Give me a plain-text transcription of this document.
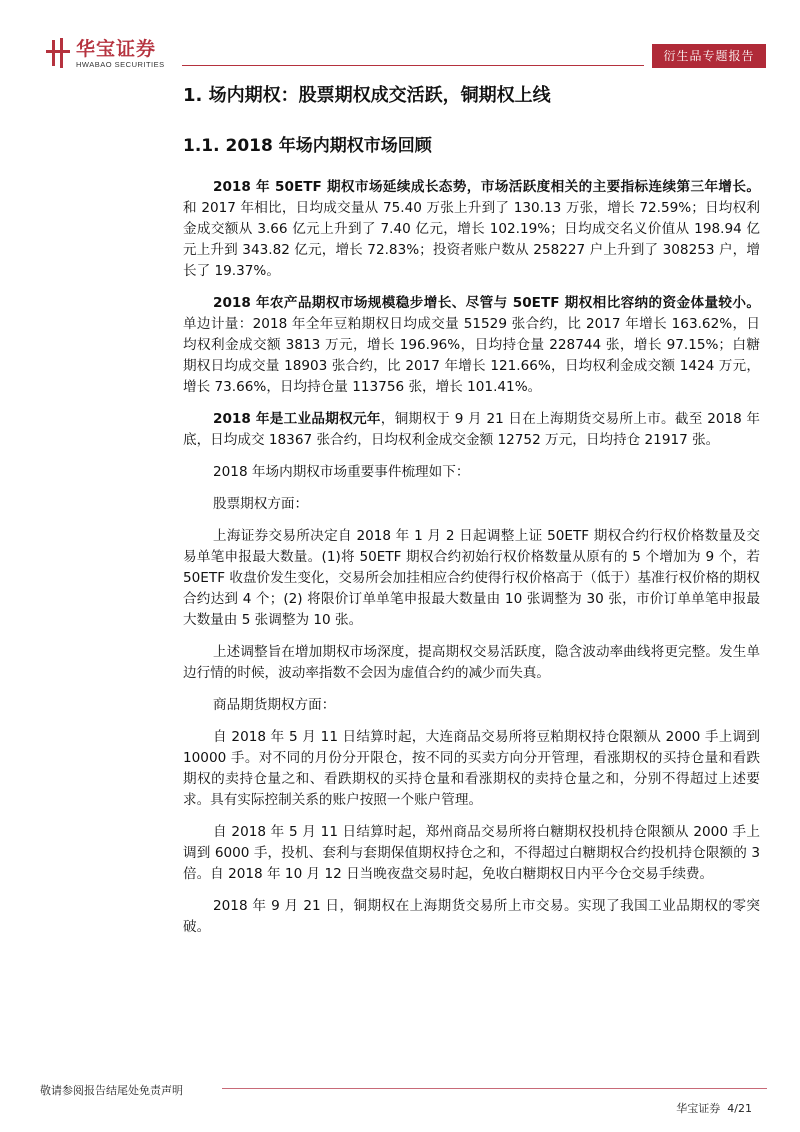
华宝证券
HWABAO SECURITIES
衍生品专题报告
1. 场内期权：股票期权成交活跃，铜期权上线
1.1. 2018 年场内期权市场回顾
2018 年 50ETF 期权市场延续成长态势，市场活跃度相关的主要指标连续第三年增长。和 2017 年相比，日均成交量从 75.40 万张上升到了 130.13 万张，增长 72.59%；日均权利金成交额从 3.66 亿元上升到了 7.40 亿元，增长 102.19%；日均成交名义价值从 198.94 亿元上升到 343.82 亿元，增长 72.83%；投资者账户数从 258227 户上升到了 308253 户，增长了 19.37%。
2018 年农产品期权市场规模稳步增长、尽管与 50ETF 期权相比容纳的资金体量较小。单边计量：2018 年全年豆粕期权日均成交量 51529 张合约，比 2017 年增长 163.62%，日均权利金成交额 3813 万元，增长 196.96%，日均持仓量 228744 张，增长 97.15%；白糖期权日均成交量 18903 张合约，比 2017 年增长 121.66%，日均权利金成交额 1424 万元，增长 73.66%，日均持仓量 113756 张，增长 101.41%。
2018 年是工业品期权元年，铜期权于 9 月 21 日在上海期货交易所上市。截至 2018 年底，日均成交 18367 张合约，日均权利金成交金额 12752 万元，日均持仓 21917 张。
2018 年场内期权市场重要事件梳理如下：
股票期权方面：
上海证券交易所决定自 2018 年 1 月 2 日起调整上证 50ETF 期权合约行权价格数量及交易单笔申报最大数量。(1)将 50ETF 期权合约初始行权价格数量从原有的 5 个增加为 9 个，若 50ETF 收盘价发生变化，交易所会加挂相应合约使得行权价格高于（低于）基准行权价格的期权合约达到 4 个；(2) 将限价订单单笔申报最大数量由 10 张调整为 30 张，市价订单单笔申报最大数量由 5 张调整为 10 张。
上述调整旨在增加期权市场深度，提高期权交易活跃度，隐含波动率曲线将更完整。发生单边行情的时候，波动率指数不会因为虚值合约的减少而失真。
商品期货期权方面：
自 2018 年 5 月 11 日结算时起，大连商品交易所将豆粕期权持仓限额从 2000 手上调到 10000 手。对不同的月份分开限仓，按不同的买卖方向分开管理，看涨期权的买持仓量和看跌期权的卖持仓量之和、看跌期权的买持仓量和看涨期权的卖持仓量之和，分别不得超过上述要求。具有实际控制关系的账户按照一个账户管理。
自 2018 年 5 月 11 日结算时起，郑州商品交易所将白糖期权投机持仓限额从 2000 手上调到 6000 手，投机、套利与套期保值期权持仓之和，不得超过白糖期权合约投机持仓限额的 3 倍。自 2018 年 10 月 12 日当晚夜盘交易时起，免收白糖期权日内平今仓交易手续费。
2018 年 9 月 21 日，铜期权在上海期货交易所上市交易。实现了我国工业品期权的零突破。
敬请参阅报告结尾处免责声明
华宝证券 4/21
